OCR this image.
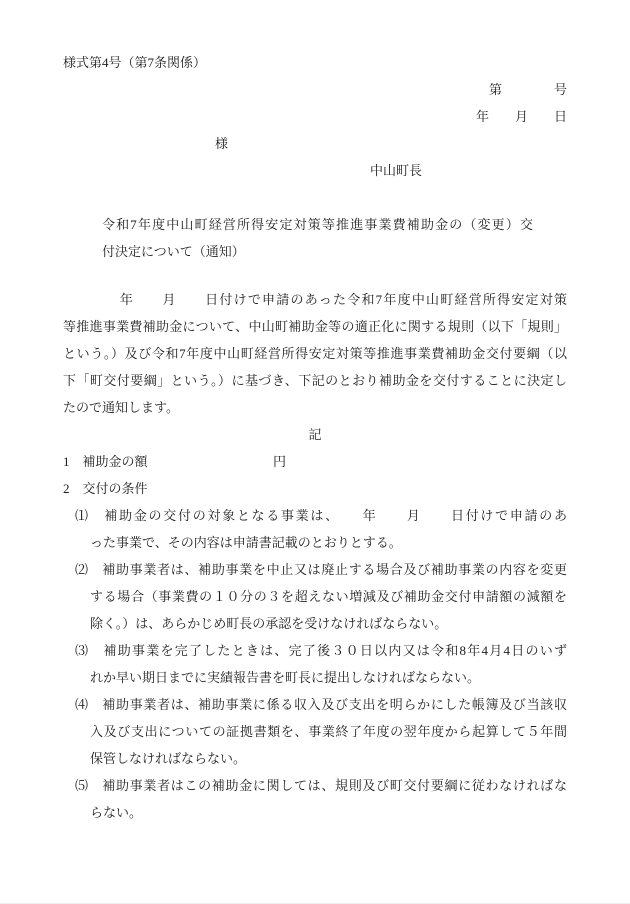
様式第4号（第7条関係）
第　　　　号
年　　月　　日
様
中山町長
令和7年度中山町経営所得安定対策等推進事業費補助金の（変更）交
付決定について（通知）
　　　　年　　月　　日付けで申請のあった令和7年度中山町経営所得安定対策
等推進事業費補助金について、中山町補助金等の適正化に関する規則（以下「規則」
という。）及び令和7年度中山町経営所得安定対策等推進事業費補助金交付要綱（以
下「町交付要綱」という。）に基づき、下記のとおり補助金を交付することに決定し
たので通知します。
記
1 補助金の額	円
2 交付の条件
⑴　補助金の交付の対象となる事業は、　　年　　月　　日付けで申請のあ
った事業で、その内容は申請書記載のとおりとする。
⑵　補助事業者は、補助事業を中止又は廃止する場合及び補助事業の内容を変更
する場合（事業費の１０分の３を超えない増減及び補助金交付申請額の減額を
除く。）は、あらかじめ町長の承認を受けなければならない。
⑶　補助事業を完了したときは、完了後３０日以内又は令和8年4月4日のいず
れか早い期日までに実績報告書を町長に提出しなければならない。
⑷　補助事業者は、補助事業に係る収入及び支出を明らかにした帳簿及び当該収
入及び支出についての証拠書類を、事業終了年度の翌年度から起算して５年間
保管しなければならない。
⑸　補助事業者はこの補助金に関しては、規則及び町交付要綱に従わなければな
らない。
